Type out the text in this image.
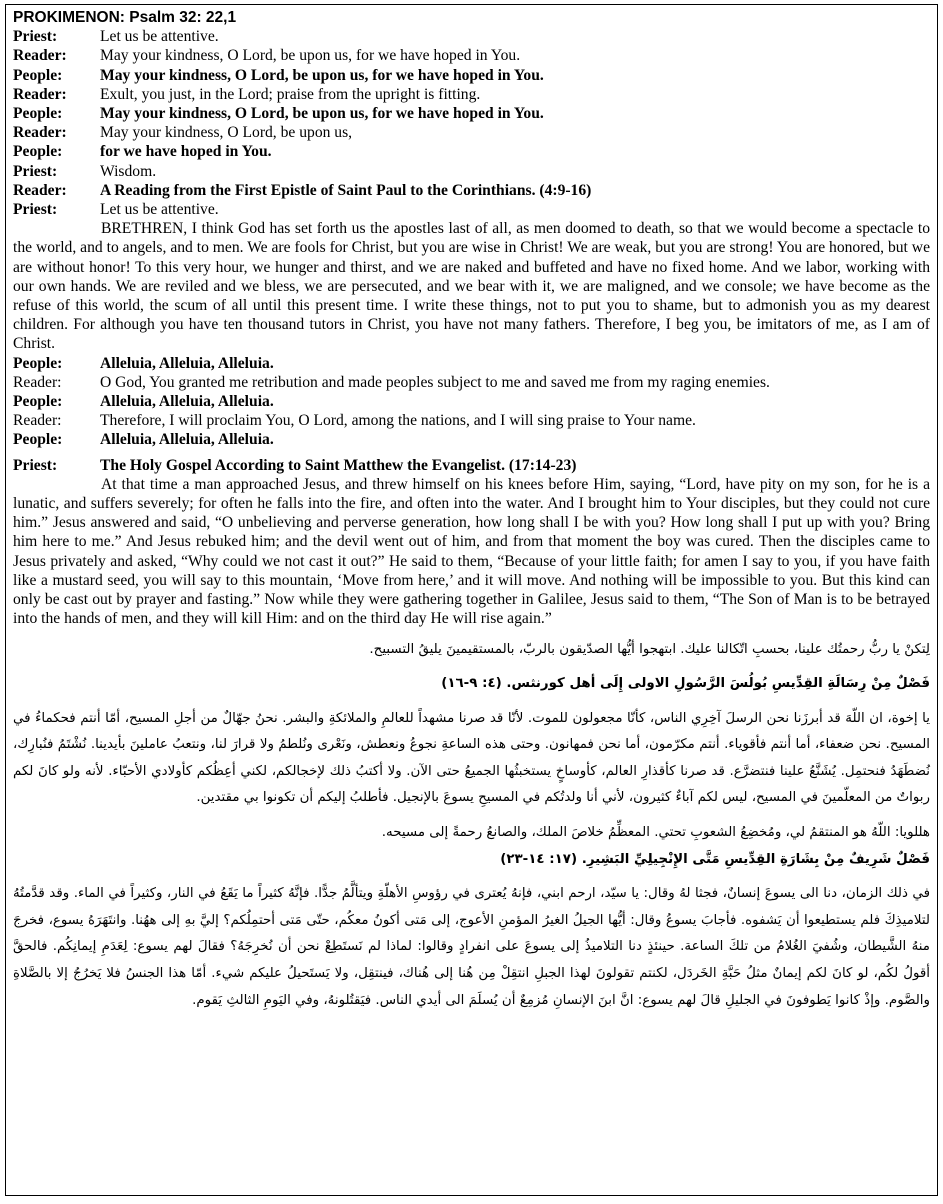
PROKIMENON: Psalm 32: 22,1
Priest:	Let us be attentive.
Reader: May your kindness, O Lord, be upon us, for we have hoped in You.
People: May your kindness, O Lord, be upon us, for we have hoped in You.
Reader: Exult, you just, in the Lord; praise from the upright is fitting.
People: May your kindness, O Lord, be upon us, for we have hoped in You.
Reader: May your kindness, O Lord, be upon us,
People: for we have hoped in You.
Priest:	Wisdom.
Reader: A Reading from the First Epistle of Saint Paul to the Corinthians. (4:9-16)
Priest:	Let us be attentive.
BRETHREN, I think God has set forth us the apostles last of all, as men doomed to death, so that we would become a spectacle to the world, and to angels, and to men. We are fools for Christ, but you are wise in Christ! We are weak, but you are strong! You are honored, but we are without honor! To this very hour, we hunger and thirst, and we are naked and buffeted and have no fixed home. And we labor, working with our own hands. We are reviled and we bless, we are persecuted, and we bear with it, we are maligned, and we console; we have become as the refuse of this world, the scum of all until this present time. I write these things, not to put you to shame, but to admonish you as my dearest children. For although you have ten thousand tutors in Christ, you have not many fathers. Therefore, I beg you, be imitators of me, as I am of Christ.
People: Alleluia, Alleluia, Alleluia.
Reader: O God, You granted me retribution and made peoples subject to me and saved me from my raging enemies.
People: Alleluia, Alleluia, Alleluia.
Reader: Therefore, I will proclaim You, O Lord, among the nations, and I will sing praise to Your name.
People: Alleluia, Alleluia, Alleluia.
Priest:	The Holy Gospel According to Saint Matthew the Evangelist. (17:14-23)
At that time a man approached Jesus, and threw himself on his knees before Him, saying, “Lord, have pity on my son, for he is a lunatic, and suffers severely; for often he falls into the fire, and often into the water. And I brought him to Your disciples, but they could not cure him.” Jesus answered and said, “O unbelieving and perverse generation, how long shall I be with you? How long shall I put up with you? Bring him here to me.” And Jesus rebuked him; and the devil went out of him, and from that moment the boy was cured. Then the disciples came to Jesus privately and asked, “Why could we not cast it out?” He said to them, “Because of your little faith; for amen I say to you, if you have faith like a mustard seed, you will say to this mountain, ‘Move from here,’ and it will move. And nothing will be impossible to you. But this kind can only be cast out by prayer and fasting.” Now while they were gathering together in Galilee, Jesus said to them, “The Son of Man is to be betrayed into the hands of men, and they will kill Him: and on the third day He will rise again.”
لِتكنْ يا ربُّ رحمتُك علينا، بحسبِ اتّكالنا عليك. ابتهجوا أيُّها الصدّيقون بالربّ، بالمستقيمينَ يليقُ التسبيح.
فَصْلٌ مِنْ رِسَالَةِ القِدِّيسِ بُولُسَ الرَّسُولِ الاولى إِلَى أهل كورنثس. (٤: ٩-١٦)
يا إخوة، ان اللّهَ قد أبرزَنا نحن الرسلَ آخِرِي الناس، كأنّا مجعولون للموت. لأنّا قد صرنا مشهداً للعالمِ والملائكةِ والبشر. نحنُ جهّالٌ من أجلِ المسيح، أمّا أنتم فحكماءُ في المسيح. نحن ضعفاء، أما أنتم فأقوياء. أنتم مكرّمون، أما نحن فمهانون. وحتى هذه الساعةِ نجوعُ ونعطش، ونَعْرى ونُلطمُ ولا قرارَ لنا، ونتعبُ عاملينَ بأيدينا. نُشْتَمُ فنُبارِك، نُضطَهَدُ فنحتمِل. يُشَنَّعُ علينا فنتضرَّع. قد صرنا كأقذارِ العالم، كأوساخٍ يستخبثُها الجميعُ حتى الآن. ولا أكتبُ ذلك لإخجالكم، لكني أعِظُكم كأولادي الأحبّاء. لأنه ولو كانَ لكم ربواتٌ من المعلّمينَ في المسيح، ليس لكم آباءٌ كثيرون، لأني أنا ولدتُكم في المسيحِ يسوعَ بالإنجيل. فأطلبُ إليكم أن تكونوا بي مقتدين.
هللويا: اللّهُ هو المنتقمُ لي، ومُخضِعُ الشعوبِ تحتي. المعظِّمُ خلاصَ الملك، والصانعُ رحمةً إلى مسيحه.
فَصْلٌ شَرِيفٌ مِنْ بِشَارَةِ القِدِّيسِ مَتَّى الإِنْجِيلِيِّ البَشِيرِ. (١٧: ١٤-٢٣)
في ذلك الزمان، دنا الى يسوعَ إنسانٌ، فجثا لهُ وقال: يا سيّد، ارحم ابني، فإنهُ يُعترى في رؤوسِ الأهلّةِ ويتألَّمُ جدًّا. فإنَّهُ كثيراً ما يَقَعُ في النار، وكثيراً في الماء. وقد قدَّمتُهُ لتلاميذِكَ فلم يستطيعوا أن يَشفوه. فأجابَ يسوعُ وقال: أيُّها الجيلُ الغيرُ المؤمنِ الأعوج، إلى مَتى أكونُ معكُم، حتّى مَتى أحتمِلُكم؟ إليَّ بهِ إلى ههُنا. وانتَهَرَهُ يسوع، فخرجَ منهُ الشَّيطان، وشُفيَ الغُلامُ من تلكَ الساعة. حينئذٍ دنا التلاميذُ إلى يسوعَ على انفرادٍ وقالوا: لماذا لم نَستَطِعْ نحن أن نُخرِجَهُ؟ فقالَ لهم يسوع: لِعَدَمِ إيمانِكُم. فالحقَّ أقولُ لكُم، لو كانَ لكم إيمانٌ مثلُ حَبَّةِ الخَردَل، لكنتم تقولونَ لهذا الجبلِ انتقِلْ مِن هُنا إلى هُناك، فينتقِل، ولا يَستَحيلُ عليكم شيء. أمّا هذا الجنسُ فلا يَخرُجُ إلا بالصَّلاةِ والصَّوم. وإذْ كانوا يَطوفونَ في الجليلِ قالَ لهم يسوع: انَّ ابنَ الإنسانِ مُزمِعٌ أن يُسلَمَ الى أيدي الناس. فيَقتُلونهُ، وفي اليَومِ الثالثِ يَقوم.
